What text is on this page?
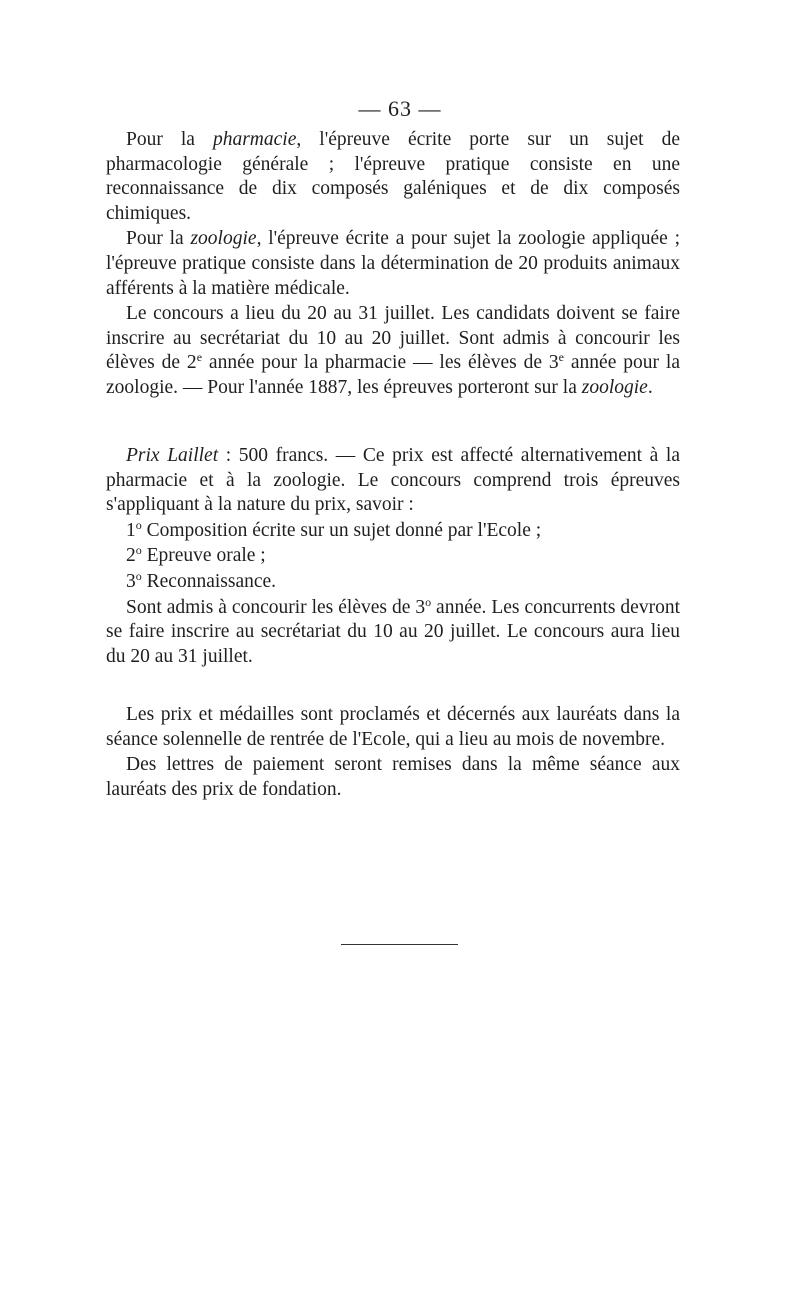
— 63 —

Pour la pharmacie, l'épreuve écrite porte sur un sujet de pharmacologie générale ; l'épreuve pratique consiste en une reconnaissance de dix composés galéniques et de dix composés chimiques.

Pour la zoologie, l'épreuve écrite a pour sujet la zoologie appliquée ; l'épreuve pratique consiste dans la détermination de 20 produits animaux afférents à la matière médicale.

Le concours a lieu du 20 au 31 juillet. Les candidats doivent se faire inscrire au secrétariat du 10 au 20 juillet. Sont admis à concourir les élèves de 2e année pour la pharmacie — les élèves de 3e année pour la zoologie. — Pour l'année 1887, les épreuves porteront sur la zoologie.

Prix Laillet : 500 francs. — Ce prix est affecté alternativement à la pharmacie et à la zoologie. Le concours comprend trois épreuves s'appliquant à la nature du prix, savoir :

1$^o$ Composition écrite sur un sujet donné par l'Ecole ;

2$^o$ Epreuve orale ;

3$^o$ Reconnaissance.

Sont admis à concourir les élèves de 3$^o$ année. Les concurrents devront se faire inscrire au secrétariat du 10 au 20 juillet. Le concours aura lieu du 20 au 31 juillet.

Les prix et médailles sont proclamés et décernés aux lauréats dans la séance solennelle de rentrée de l'Ecole, qui a lieu au mois de novembre.

Des lettres de paiement seront remises dans la même séance aux lauréats des prix de fondation.
